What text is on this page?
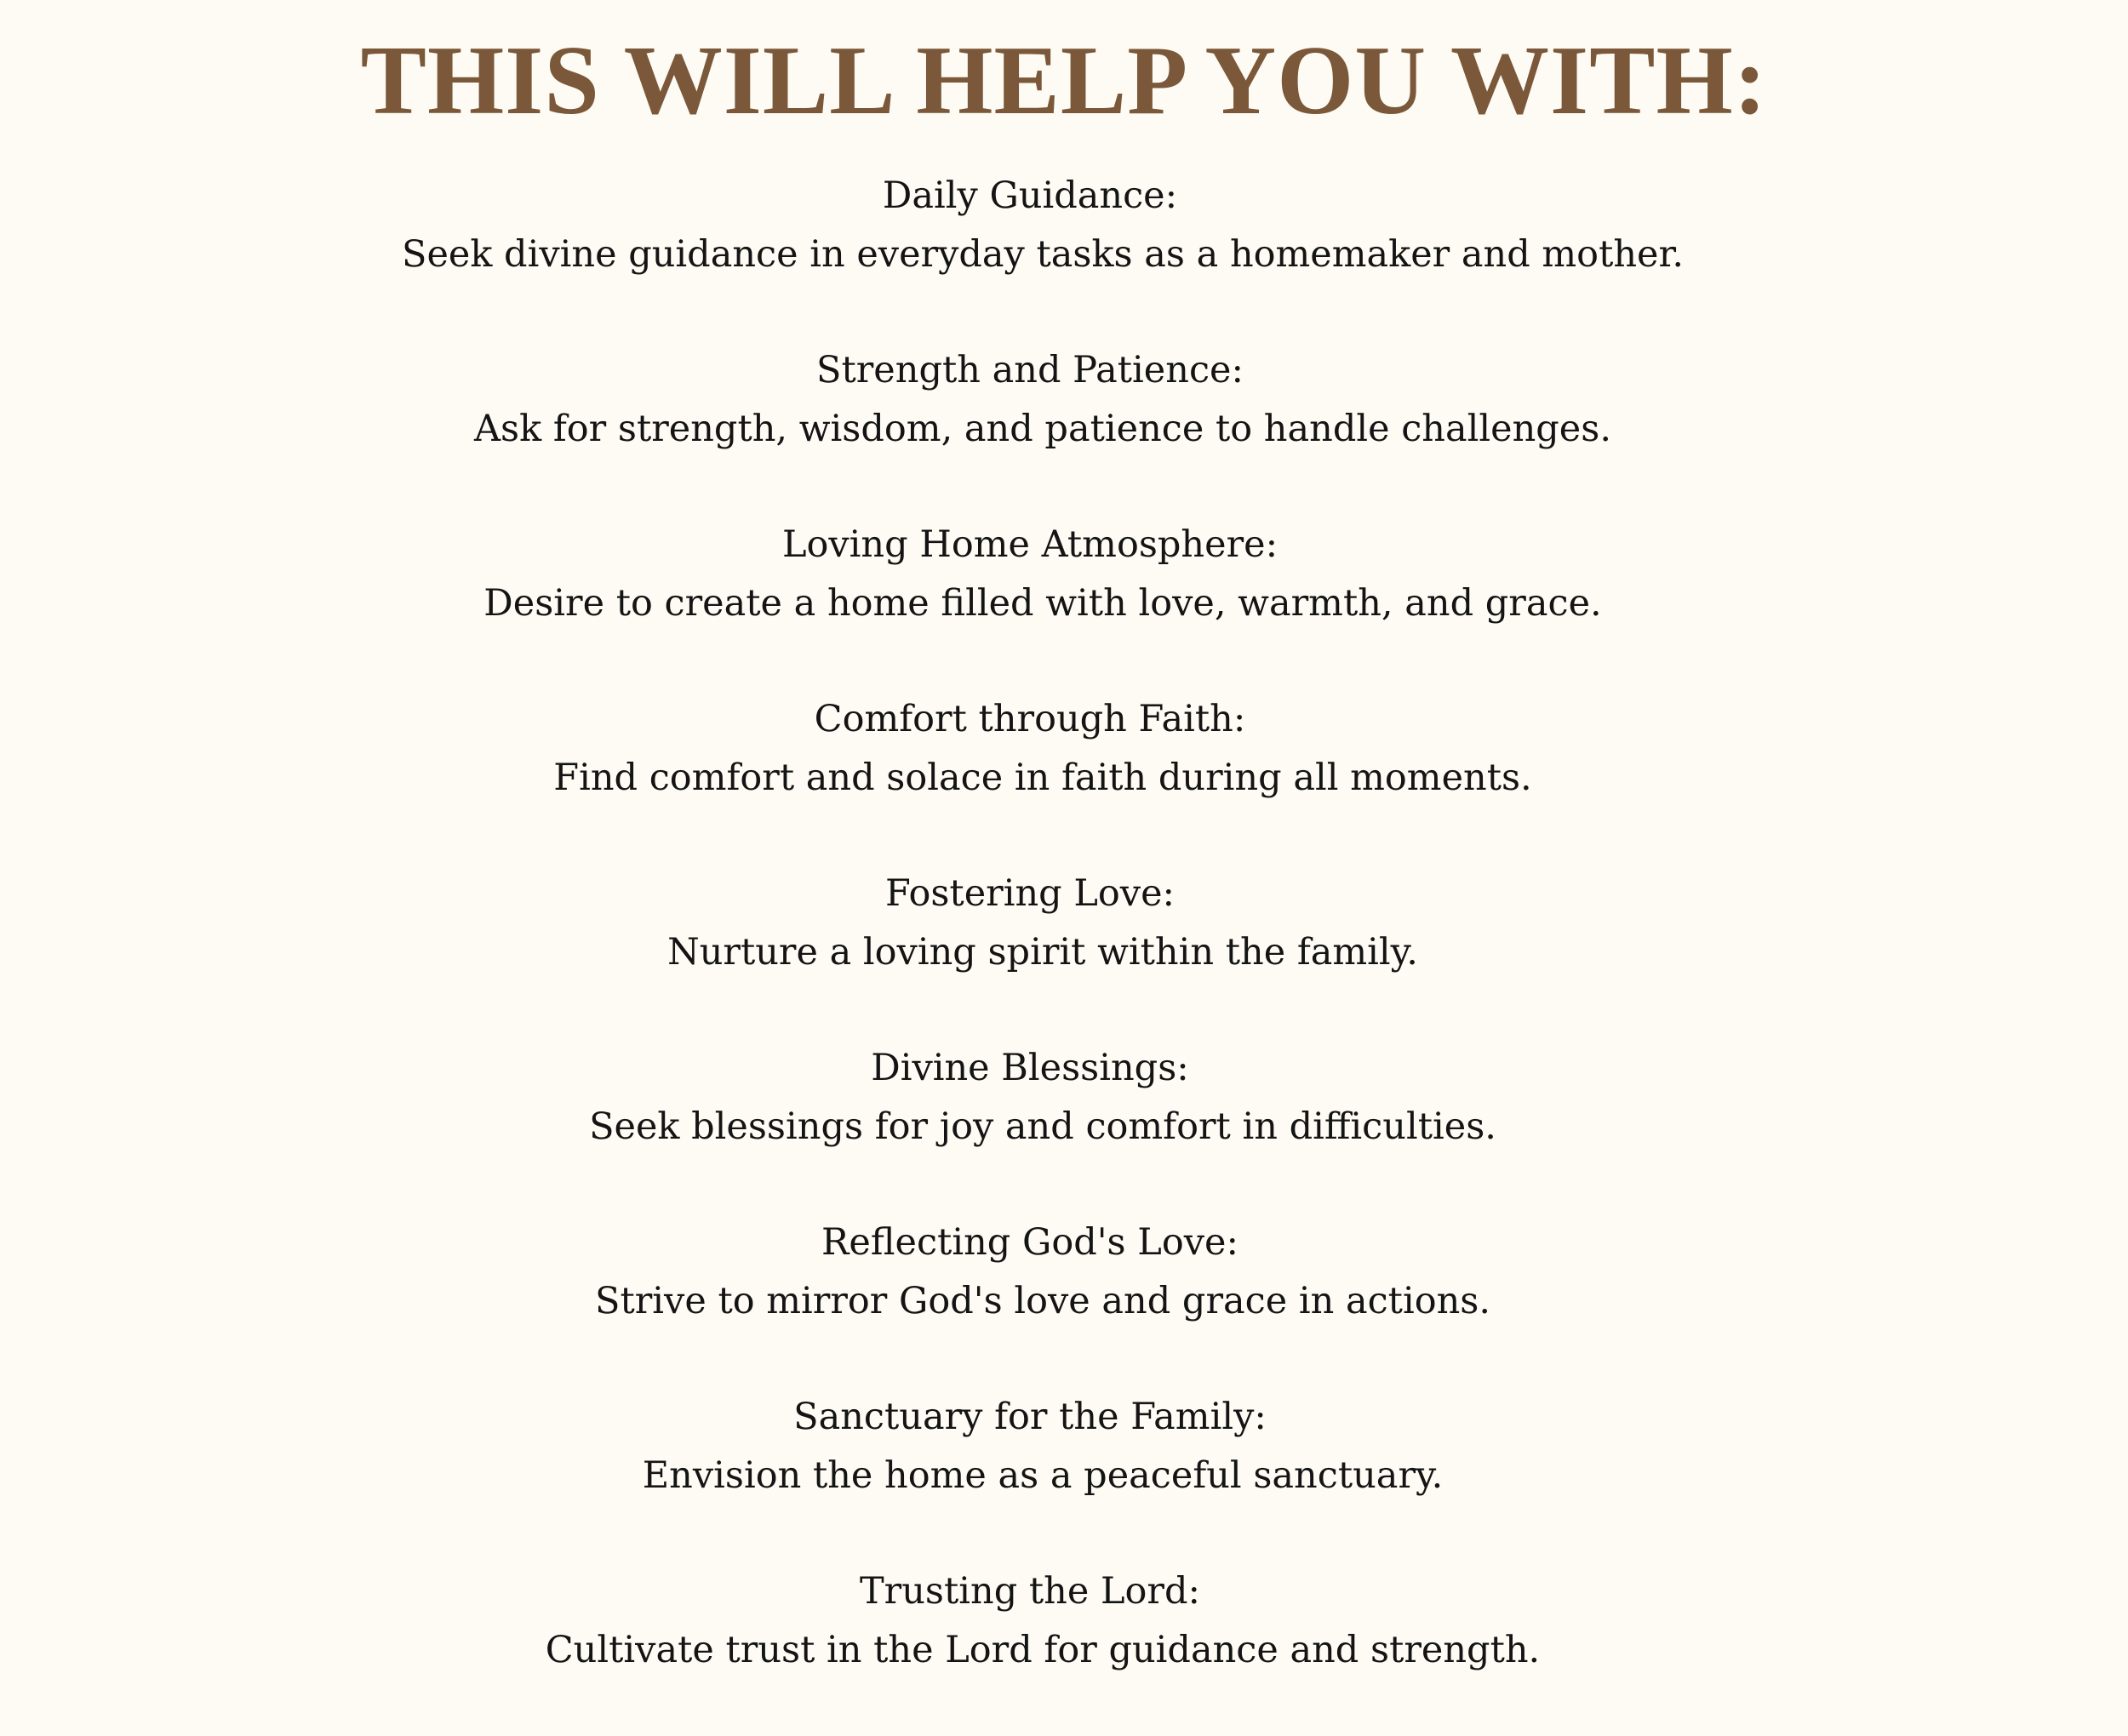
THIS WILL HELP YOU WITH:
Daily Guidance:
Seek divine guidance in everyday tasks as a homemaker and mother.
Strength and Patience:
Ask for strength, wisdom, and patience to handle challenges.
Loving Home Atmosphere:
Desire to create a home filled with love, warmth, and grace.
Comfort through Faith:
Find comfort and solace in faith during all moments.
Fostering Love:
Nurture a loving spirit within the family.
Divine Blessings:
Seek blessings for joy and comfort in difficulties.
Reflecting God's Love:
Strive to mirror God's love and grace in actions.
Sanctuary for the Family:
Envision the home as a peaceful sanctuary.
Trusting the Lord:
Cultivate trust in the Lord for guidance and strength.
